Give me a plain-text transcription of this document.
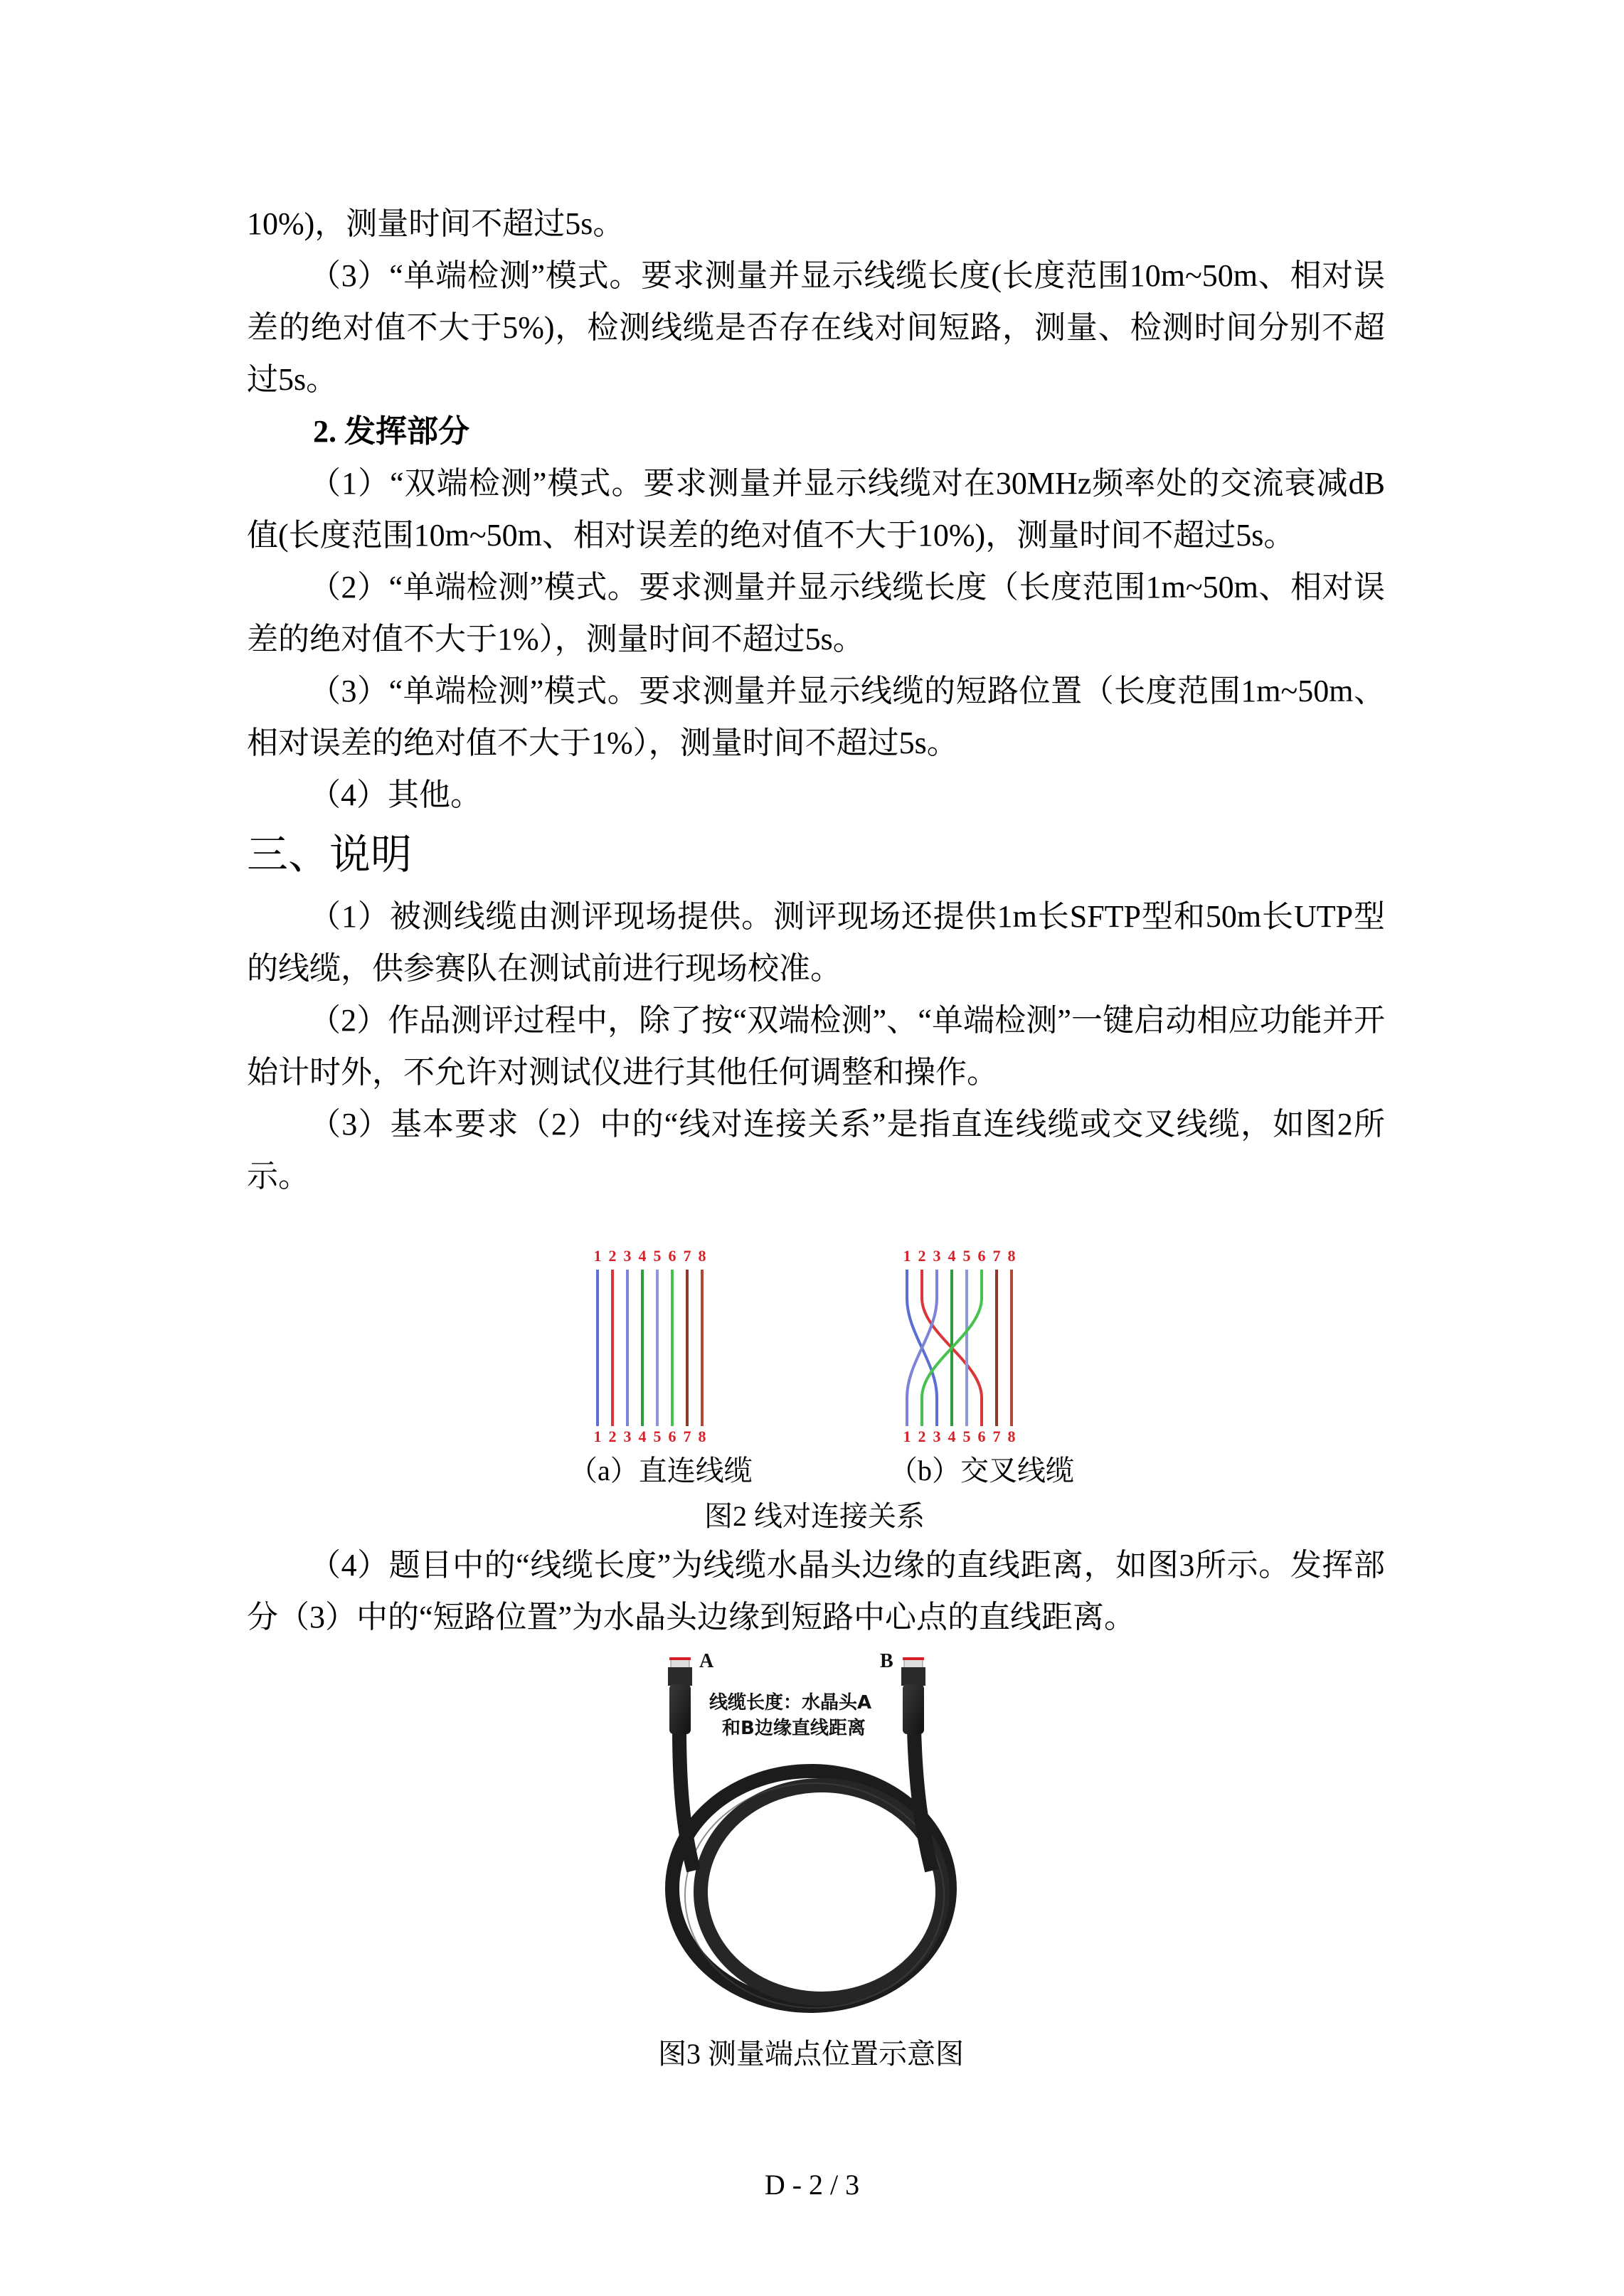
10%)，测量时间不超过5s。

（3）“单端检测”模式。要求测量并显示线缆长度(长度范围10m~50m、相对误差的绝对值不大于5%)，检测线缆是否存在线对间短路，测量、检测时间分别不超过5s。

2. 发挥部分

（1）“双端检测”模式。要求测量并显示线缆对在30MHz频率处的交流衰减dB值(长度范围10m~50m、相对误差的绝对值不大于10%)，测量时间不超过5s。

（2）“单端检测”模式。要求测量并显示线缆长度（长度范围1m~50m、相对误差的绝对值不大于1%），测量时间不超过5s。

（3）“单端检测”模式。要求测量并显示线缆的短路位置（长度范围1m~50m、相对误差的绝对值不大于1%），测量时间不超过5s。

（4）其他。

三、说明

（1）被测线缆由测评现场提供。测评现场还提供1m长SFTP型和50m长UTP型的线缆，供参赛队在测试前进行现场校准。

（2）作品测评过程中，除了按“双端检测”、“单端检测”一键启动相应功能并开始计时外，不允许对测试仪进行其他任何调整和操作。

（3）基本要求（2）中的“线对连接关系”是指直连线缆或交叉线缆，如图2所示。

1 2 3 4 5 6 7 8
1 2 3 4 5 6 7 8
1 2 3 4 5 6 7 8
1 2 3 4 5 6 7 8

（a）直连线缆	（b）交叉线缆

图2 线对连接关系

（4）题目中的“线缆长度”为线缆水晶头边缘的直线距离，如图3所示。发挥部分（3）中的“短路位置”为水晶头边缘到短路中心点的直线距离。

A	B
线缆长度：水晶头A
和B边缘直线距离

图3 测量端点位置示意图

D - 2 / 3
